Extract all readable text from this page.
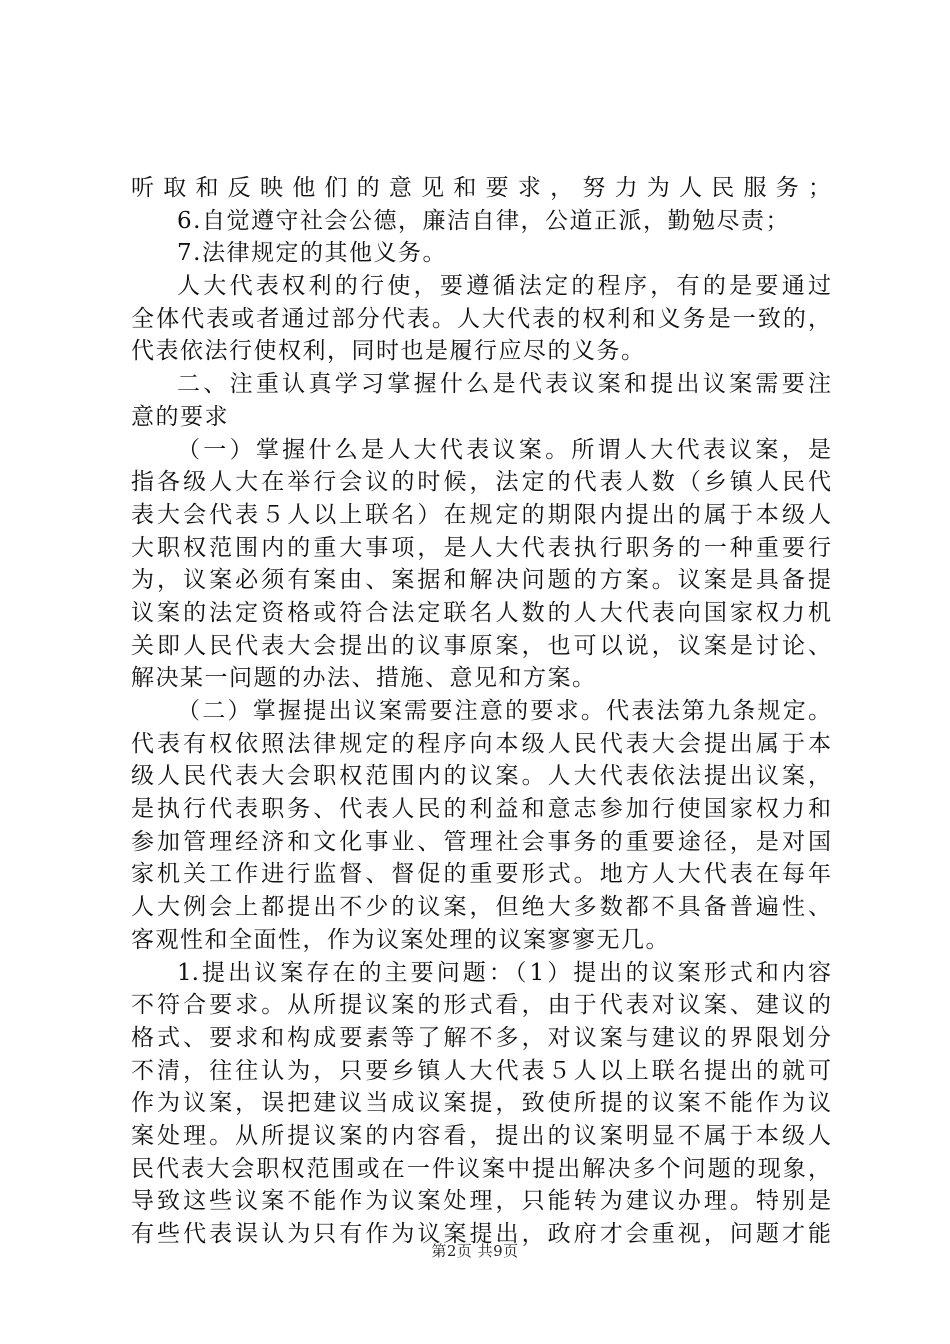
听取和反映他们的意见和要求，努力为人民服务；
6.自觉遵守社会公德，廉洁自律，公道正派，勤勉尽责；
7.法律规定的其他义务。
人大代表权利的行使，要遵循法定的程序，有的是要通过
全体代表或者通过部分代表。人大代表的权利和义务是一致的，
代表依法行使权利，同时也是履行应尽的义务。
二、注重认真学习掌握什么是代表议案和提出议案需要注
意的要求
（一）掌握什么是人大代表议案。所谓人大代表议案，是
指各级人大在举行会议的时候，法定的代表人数（乡镇人民代
表大会代表５人以上联名）在规定的期限内提出的属于本级人
大职权范围内的重大事项，是人大代表执行职务的一种重要行
为，议案必须有案由、案据和解决问题的方案。议案是具备提
议案的法定资格或符合法定联名人数的人大代表向国家权力机
关即人民代表大会提出的议事原案，也可以说，议案是讨论、
解决某一问题的办法、措施、意见和方案。
（二）掌握提出议案需要注意的要求。代表法第九条规定。
代表有权依照法律规定的程序向本级人民代表大会提出属于本
级人民代表大会职权范围内的议案。人大代表依法提出议案，
是执行代表职务、代表人民的利益和意志参加行使国家权力和
参加管理经济和文化事业、管理社会事务的重要途径，是对国
家机关工作进行监督、督促的重要形式。地方人大代表在每年
人大例会上都提出不少的议案，但绝大多数都不具备普遍性、
客观性和全面性，作为议案处理的议案寥寥无几。
1.提出议案存在的主要问题：（1）提出的议案形式和内容
不符合要求。从所提议案的形式看，由于代表对议案、建议的
格式、要求和构成要素等了解不多，对议案与建议的界限划分
不清，往往认为，只要乡镇人大代表５人以上联名提出的就可
作为议案，误把建议当成议案提，致使所提的议案不能作为议
案处理。从所提议案的内容看，提出的议案明显不属于本级人
民代表大会职权范围或在一件议案中提出解决多个问题的现象，
导致这些议案不能作为议案处理，只能转为建议办理。特别是
有些代表误认为只有作为议案提出，政府才会重视，问题才能
第2页 共9页
